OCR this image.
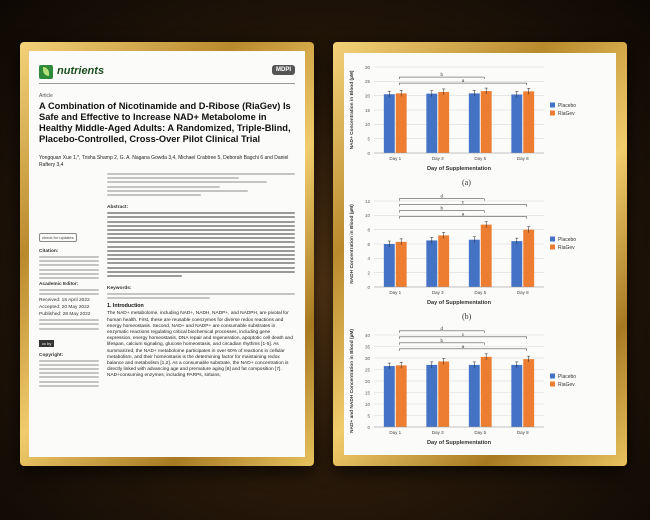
nutrients	MDPI
Article
A Combination of Nicotinamide and D-Ribose (RiaGev) Is Safe and Effective to Increase NAD+ Metabolome in Healthy Middle-Aged Adults: A Randomized, Triple-Blind, Placebo-Controlled, Cross-Over Pilot Clinical Trial
Yongquan Xue 1,*, Trisha Shamp 2, G. A. Nagana Gowda 3,4, Michael Crabtree 5, Deborah Bagchi 6 and Daniel Raftery 3,4
check for updates
Citation:
Academic Editor:
Received: 18 April 2022
Accepted: 20 May 2022
Published: 28 May 2022
cc by
Copyright:
Abstract:
Keywords:
1. Introduction
The NAD+ metabolome, including NAD+, NADH, NADP+, and NADPH, are pivotal for human health. First, these are reusable coenzymes for diverse redox reactions and energy homeostasis. Second, NAD+ and NADP+ are consumable substrates in enzymatic reactions regulating critical biochemical processes, including gene expression, energy homeostasis, DNA repair and regeneration, apoptotic cell death and lifespan, calcium signaling, glucose homeostasis, and circadian rhythms [1-5]. As summarized, the NAD+ metabolome participates in over 60% of reactions in cellular metabolism, and their homeostasis is the determining factor for maintaining redox balance and metabolism [1,2]. As a consumable substrate, the NAD+ concentration is directly linked with advancing age and premature aging [6] and fat composition [7]. NAD+consuming enzymes, including PARPs, sirtuins,
0
5
10
15
20
25
30
NAD+ Concentration in Blood (µM)
Day 1	Day 3	Day 5	Day 8
Day of Supplementation
a
b
Placebo
RiaGev
(a)
0
2
4
6
8
10
12
NADH Concentration in Blood (µM)
Day 1	Day 3	Day 5	Day 8
Day of Supplementation
a
b
c
d
Placebo
RiaGev
(b)
0
5
10
15
20
25
30
35
40
NAD+ and NADH Concentration in Blood (µM)	Day 1	Day 3	Day 5	Day 8
Day of Supplementation
a
b
c
d
Placebo
RiaGev
